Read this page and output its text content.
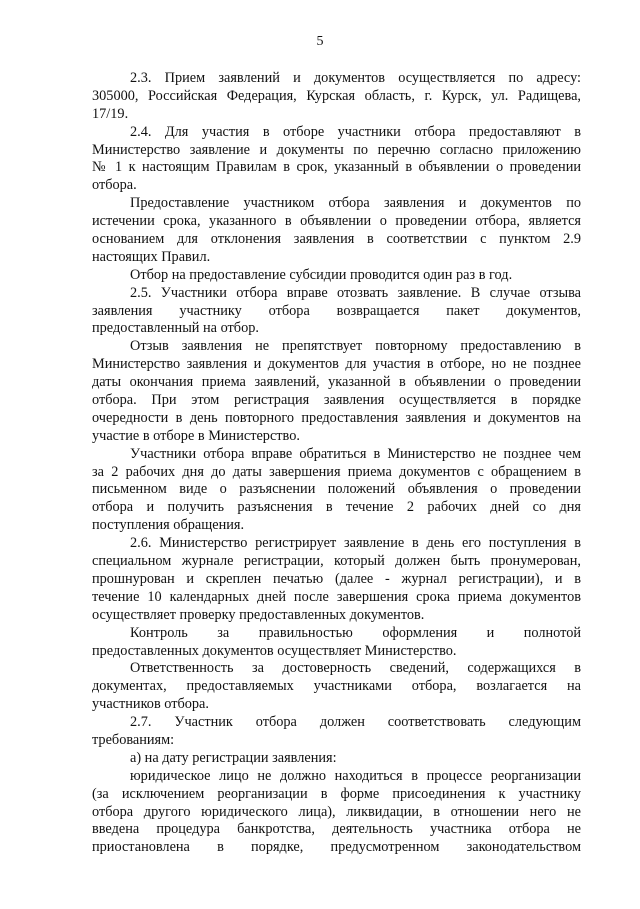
5
2.3. Прием заявлений и документов осуществляется по адресу:
305000, Российская Федерация, Курская область, г. Курск, ул. Радищева,
17/19.
2.4. Для участия в отборе участники отбора предоставляют в
Министерство заявление и документы по перечню согласно приложению
№ 1 к настоящим Правилам в срок, указанный в объявлении о проведении
отбора.
Предоставление участником отбора заявления и документов по
истечении срока, указанного в объявлении о проведении отбора, является
основанием для отклонения заявления в соответствии с пунктом 2.9
настоящих Правил.
Отбор на предоставление субсидии проводится один раз в год.
2.5. Участники отбора вправе отозвать заявление. В случае отзыва
заявления участнику отбора возвращается пакет документов,
предоставленный на отбор.
Отзыв заявления не препятствует повторному предоставлению в
Министерство заявления и документов для участия в отборе, но не позднее
даты окончания приема заявлений, указанной в объявлении о проведении
отбора. При этом регистрация заявления осуществляется в порядке
очередности в день повторного предоставления заявления и документов на
участие в отборе в Министерство.
Участники отбора вправе обратиться в Министерство не позднее чем
за 2 рабочих дня до даты завершения приема документов с обращением в
письменном виде о разъяснении положений объявления о проведении
отбора и получить разъяснения в течение 2 рабочих дней со дня
поступления обращения.
2.6. Министерство регистрирует заявление в день его поступления в
специальном журнале регистрации, который должен быть пронумерован,
прошнурован и скреплен печатью (далее - журнал регистрации), и в
течение 10 календарных дней после завершения срока приема документов
осуществляет проверку предоставленных документов.
Контроль за правильностью оформления и полнотой
предоставленных документов осуществляет Министерство.
Ответственность за достоверность сведений, содержащихся в
документах, предоставляемых участниками отбора, возлагается на
участников отбора.
2.7. Участник отбора должен соответствовать следующим
требованиям:
а) на дату регистрации заявления:
юридическое лицо не должно находиться в процессе реорганизации
(за исключением реорганизации в форме присоединения к участнику
отбора другого юридического лица), ликвидации, в отношении него не
введена процедура банкротства, деятельность участника отбора не
приостановлена в порядке, предусмотренном законодательством
